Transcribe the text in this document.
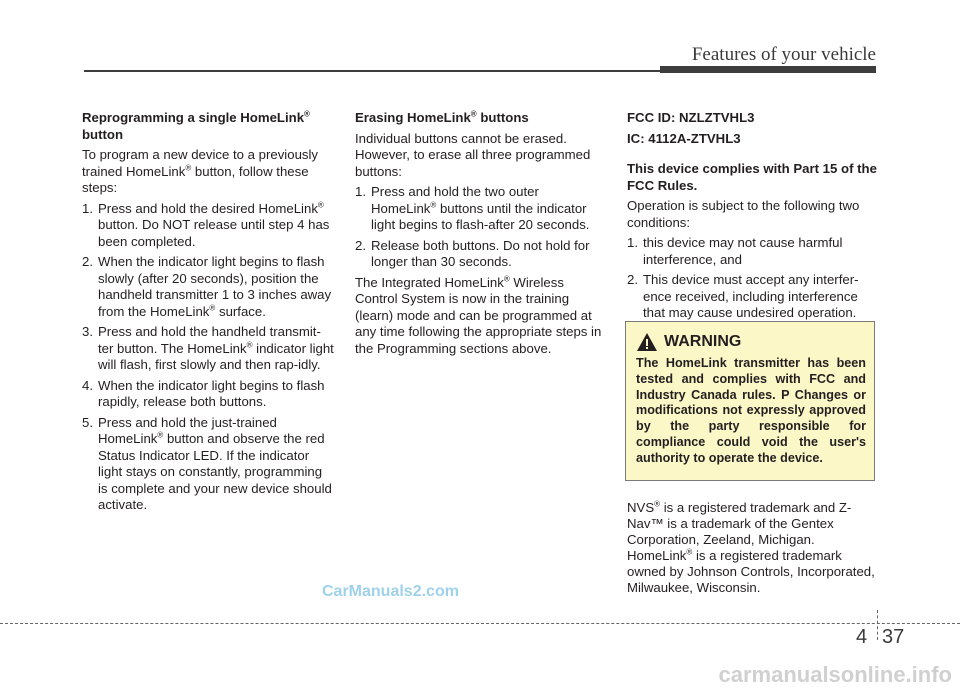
Features of your vehicle

Reprogramming a single HomeLink®
button

To program a new device to a previously trained HomeLink® button, follow these steps:

1. Press and hold the desired HomeLink® button. Do NOT release until step 4 has been completed.
2. When the indicator light begins to flash slowly (after 20 seconds), position the handheld transmitter 1 to 3 inches away from the HomeLink® surface.
3. Press and hold the handheld transmit-ter button. The HomeLink® indicator light will flash, first slowly and then rap-idly.
4. When the indicator light begins to flash rapidly, release both buttons.
5. Press and hold the just-trained HomeLink® button and observe the red Status Indicator LED. If the indicator light stays on constantly, programming is complete and your new device should activate.

Erasing HomeLink® buttons

Individual buttons cannot be erased. However, to erase all three programmed buttons:

1. Press and hold the two outer HomeLink® buttons until the indicator light begins to flash-after 20 seconds.
2. Release both buttons. Do not hold for longer than 30 seconds.

The Integrated HomeLink® Wireless Control System is now in the training (learn) mode and can be programmed at any time following the appropriate steps in the Programming sections above.

FCC ID: NZLZTVHL3

IC: 4112A-ZTVHL3

This device complies with Part 15 of the FCC Rules.

Operation is subject to the following two conditions:

1. this device may not cause harmful interference, and
2. This device must accept any interfer-ence received, including interference that may cause undesired operation.
WARNING
The HomeLink transmitter has been tested and complies with FCC and Industry Canada rules. P Changes or modifications not expressly approved by the party responsible for compliance could void the user's authority to operate the device.
NVS® is a registered trademark and Z-Nav™ is a trademark of the Gentex Corporation, Zeeland, Michigan. HomeLink® is a registered trademark owned by Johnson Controls, Incorporated, Milwaukee, Wisconsin.
CarManuals2.com
4 37
carmanualsonline.info
